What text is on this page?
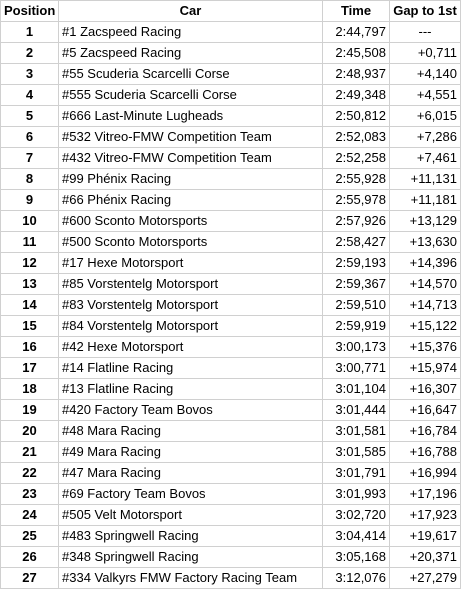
Position	Car	Time	Gap to 1st
1	#1 Zacspeed Racing	2:44,797	---
2	#5 Zacspeed Racing	2:45,508	+0,711
3	#55 Scuderia Scarcelli Corse	2:48,937	+4,140
4	#555 Scuderia Scarcelli Corse	2:49,348	+4,551
5	#666 Last-Minute Lugheads	2:50,812	+6,015
6	#532 Vitreo-FMW Competition Team	2:52,083	+7,286
7	#432 Vitreo-FMW Competition Team	2:52,258	+7,461
8	#99 Phénix Racing	2:55,928	+11,131
9	#66 Phénix Racing	2:55,978	+11,181
10	#600 Sconto Motorsports	2:57,926	+13,129
11	#500 Sconto Motorsports	2:58,427	+13,630
12	#17 Hexe Motorsport	2:59,193	+14,396
13	#85 Vorstentelg Motorsport	2:59,367	+14,570
14	#83 Vorstentelg Motorsport	2:59,510	+14,713
15	#84 Vorstentelg Motorsport	2:59,919	+15,122
16	#42 Hexe Motorsport	3:00,173	+15,376
17	#14 Flatline Racing	3:00,771	+15,974
18	#13 Flatline Racing	3:01,104	+16,307
19	#420 Factory Team Bovos	3:01,444	+16,647
20	#48 Mara Racing	3:01,581	+16,784
21	#49 Mara Racing	3:01,585	+16,788
22	#47 Mara Racing	3:01,791	+16,994
23	#69 Factory Team Bovos	3:01,993	+17,196
24	#505 Velt Motorsport	3:02,720	+17,923
25	#483 Springwell Racing	3:04,414	+19,617
26	#348 Springwell Racing	3:05,168	+20,371
27	#334 Valkyrs FMW Factory Racing Team	3:12,076	+27,279
